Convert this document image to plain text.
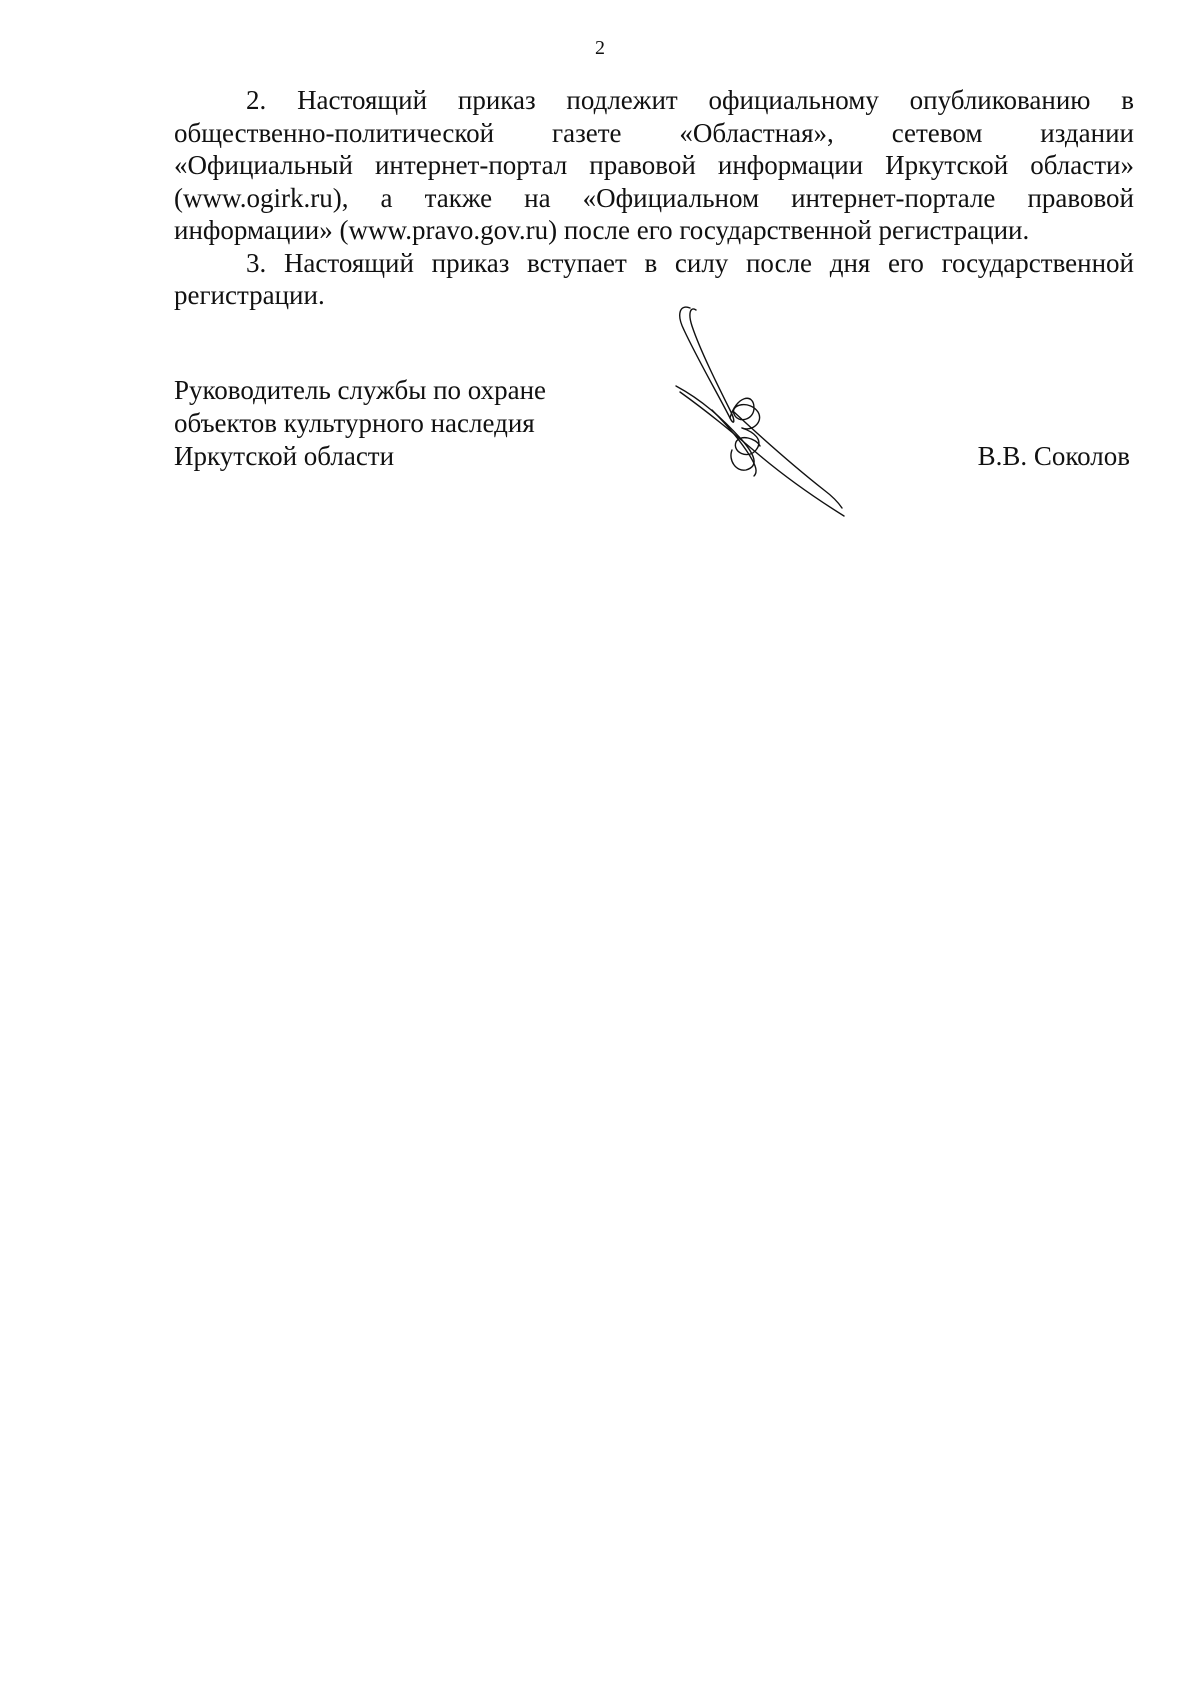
2

2. Настоящий приказ подлежит официальному опубликованию в
общественно-политической газете «Областная», сетевом издании
«Официальный интернет-портал правовой информации Иркутской области»
(www.ogirk.ru), а также на «Официальном интернет-портале правовой
информации» (www.pravo.gov.ru) после его государственной регистрации.

3. Настоящий приказ вступает в силу после дня его государственной
регистрации.

Руководитель службы по охране
объектов культурного наследия
Иркутской области	В.В. Соколов
